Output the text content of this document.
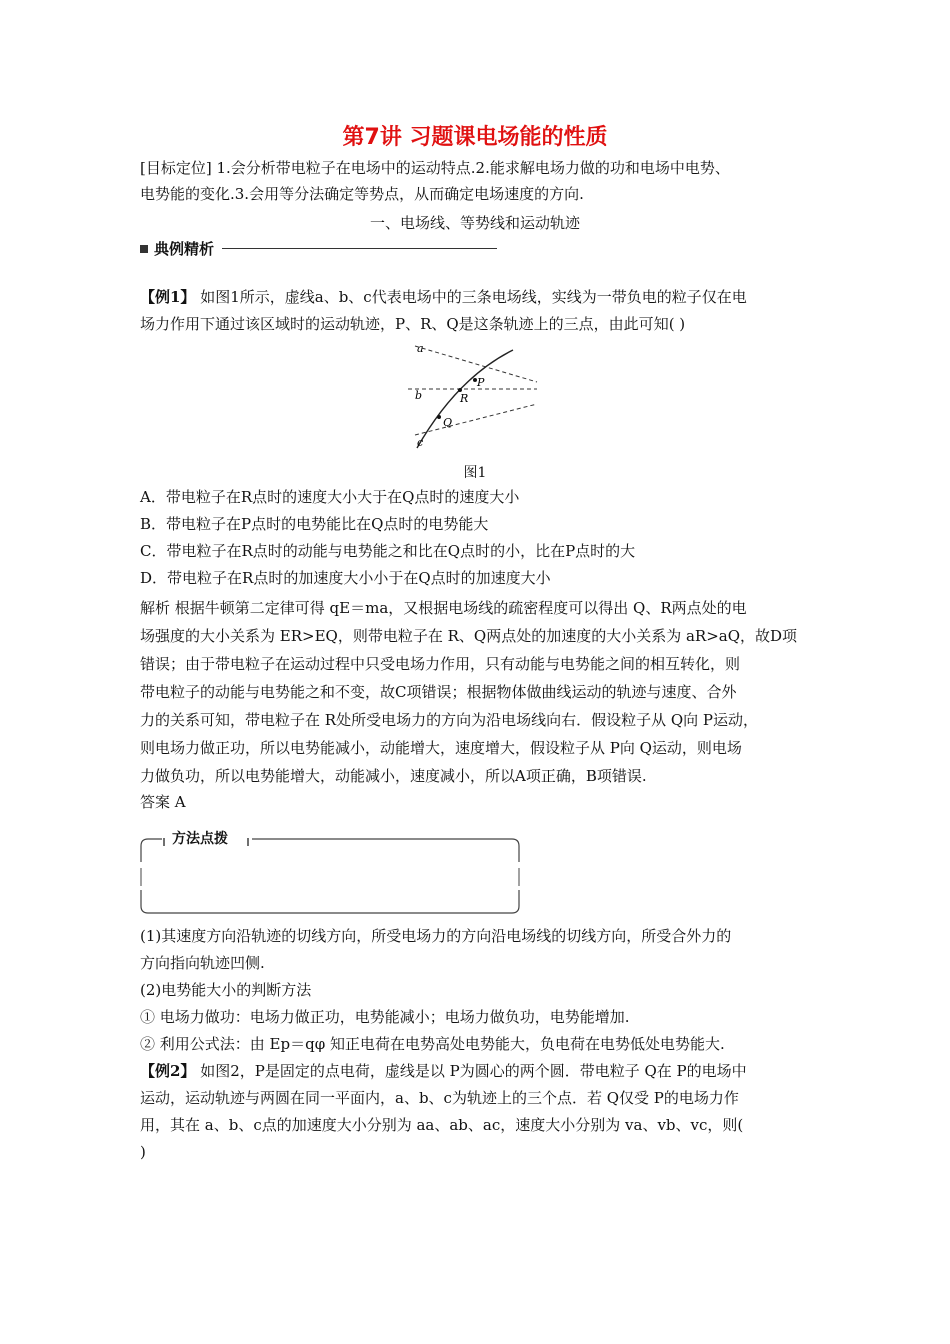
第7讲 习题课电场能的性质
[目标定位] 1.会分析带电粒子在电场中的运动特点.2.能求解电场力做的功和电场中电势、
电势能的变化.3.会用等分法确定等势点，从而确定电场速度的方向.
一、电场线、等势线和运动轨迹
典例精析
【例1】 如图1所示，虚线a、b、c代表电场中的三条电场线，实线为一带负电的粒子仅在电
场力作用下通过该区域时的运动轨迹，P、R、Q是这条轨迹上的三点，由此可知( )
a
b
c
P
R
Q
图1
A．带电粒子在R点时的速度大小大于在Q点时的速度大小
B．带电粒子在P点时的电势能比在Q点时的电势能大
C．带电粒子在R点时的动能与电势能之和比在Q点时的小，比在P点时的大
D．带电粒子在R点时的加速度大小小于在Q点时的加速度大小
解析 根据牛顿第二定律可得 qE＝ma，又根据电场线的疏密程度可以得出 Q、R两点处的电
场强度的大小关系为 ER>EQ，则带电粒子在 R、Q两点处的加速度的大小关系为 aR>aQ，故D项
错误；由于带电粒子在运动过程中只受电场力作用，只有动能与电势能之间的相互转化，则
带电粒子的动能与电势能之和不变，故C项错误；根据物体做曲线运动的轨迹与速度、合外
力的关系可知，带电粒子在 R处所受电场力的方向为沿电场线向右．假设粒子从 Q向 P运动，
则电场力做正功，所以电势能减小，动能增大，速度增大，假设粒子从 P向 Q运动，则电场
力做负功，所以电势能增大，动能减小，速度减小，所以A项正确，B项错误.
答案 A
方法点拨
(1)其速度方向沿轨迹的切线方向，所受电场力的方向沿电场线的切线方向，所受合外力的
方向指向轨迹凹侧.
(2)电势能大小的判断方法
① 电场力做功：电场力做正功，电势能减小；电场力做负功，电势能增加.
② 利用公式法：由 Ep＝qφ 知正电荷在电势高处电势能大，负电荷在电势低处电势能大.
【例2】 如图2，P是固定的点电荷，虚线是以 P为圆心的两个圆．带电粒子 Q在 P的电场中
运动，运动轨迹与两圆在同一平面内，a、b、c为轨迹上的三个点．若 Q仅受 P的电场力作
用，其在 a、b、c点的加速度大小分别为 aa、ab、ac，速度大小分别为 va、vb、vc，则(
)
